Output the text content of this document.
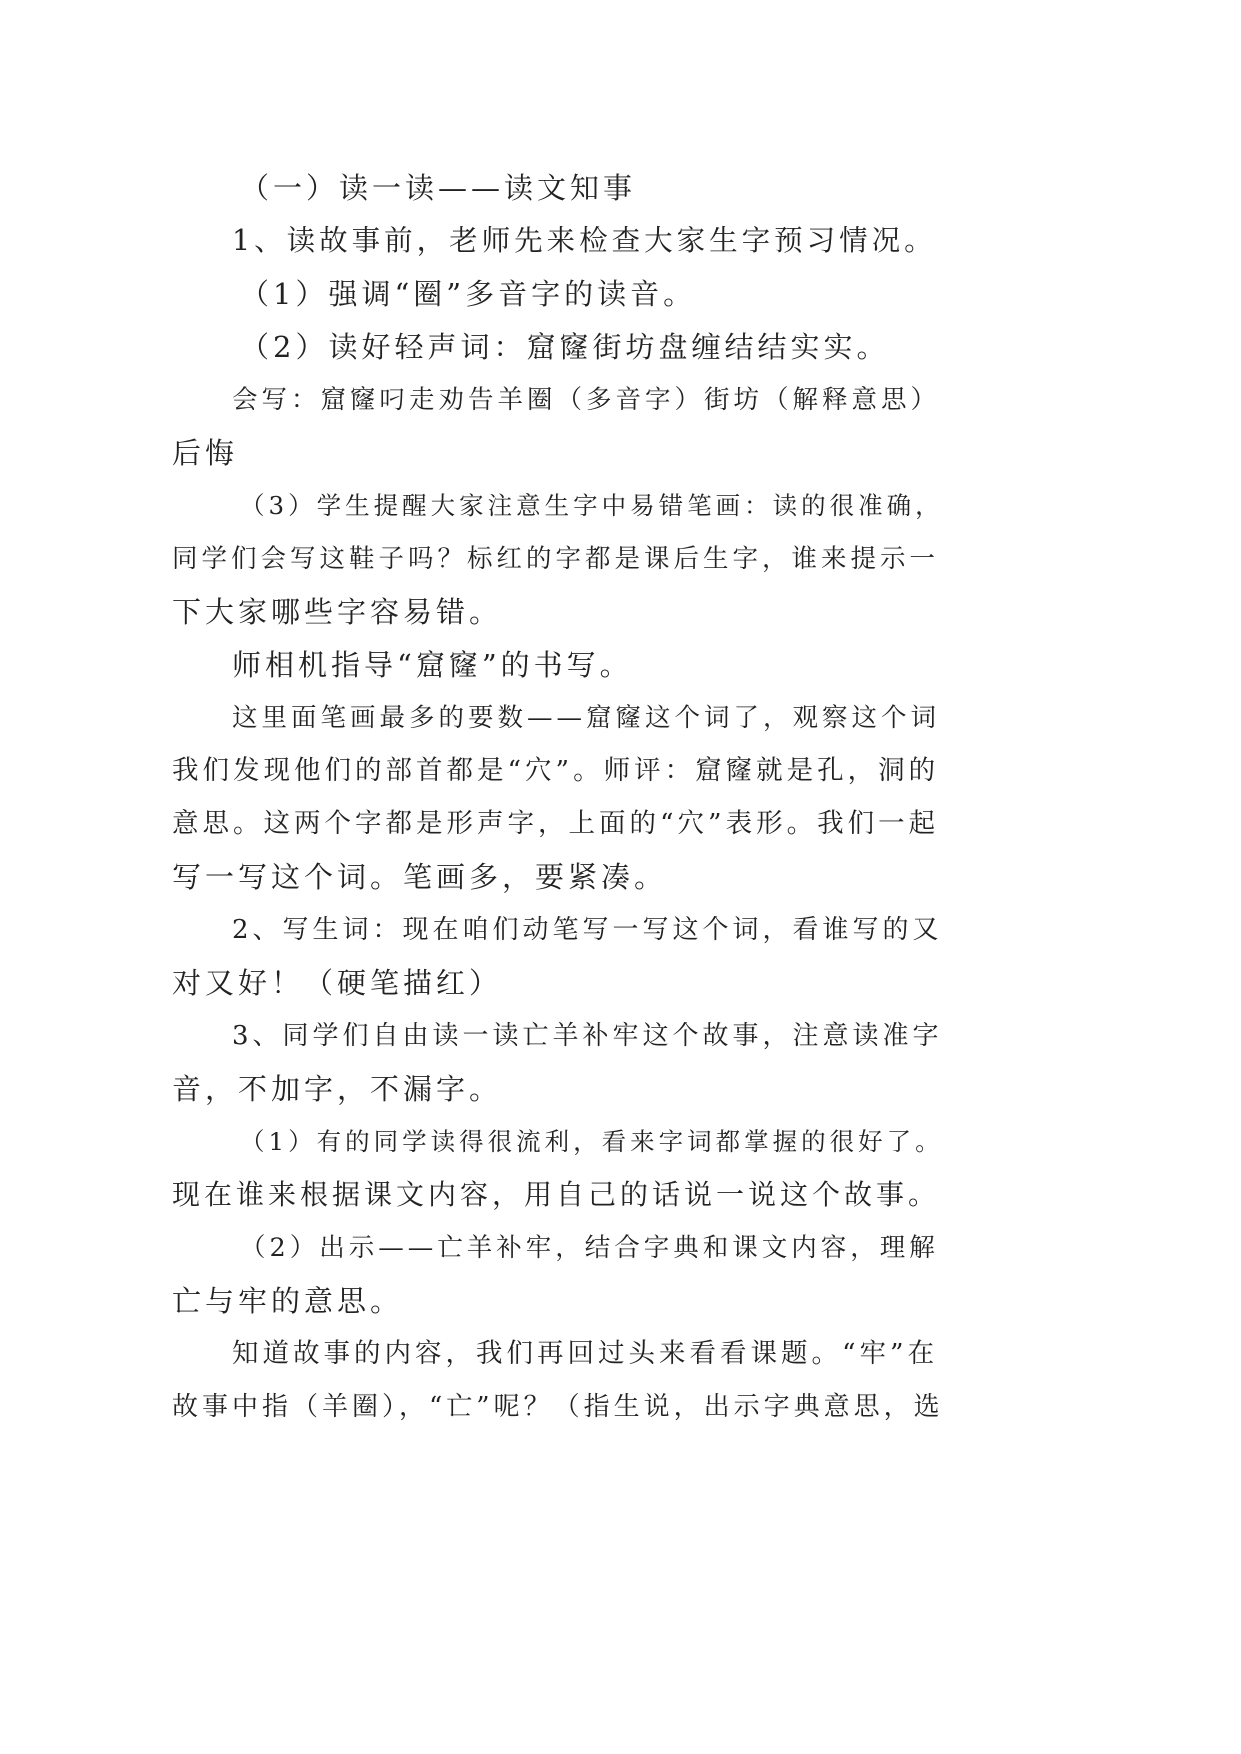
（一）读一读——读文知事
1、读故事前，老师先来检查大家生字预习情况。
（1）强调“圈”多音字的读音。
（2）读好轻声词：窟窿街坊盘缠结结实实。
会写：窟窿叼走劝告羊圈（多音字）街坊（解释意思）
后悔
（3）学生提醒大家注意生字中易错笔画：读的很准确，
同学们会写这鞋子吗？标红的字都是课后生字，谁来提示一
下大家哪些字容易错。
师相机指导“窟窿”的书写。
这里面笔画最多的要数——窟窿这个词了，观察这个词
我们发现他们的部首都是“穴”。师评：窟窿就是孔，洞的
意思。这两个字都是形声字，上面的“穴”表形。我们一起
写一写这个词。笔画多，要紧凑。
2、写生词：现在咱们动笔写一写这个词，看谁写的又
对又好！（硬笔描红）
3、同学们自由读一读亡羊补牢这个故事，注意读准字
音，不加字，不漏字。
（1）有的同学读得很流利，看来字词都掌握的很好了。
现在谁来根据课文内容，用自己的话说一说这个故事。
（2）出示——亡羊补牢，结合字典和课文内容，理解
亡与牢的意思。
知道故事的内容，我们再回过头来看看课题。“牢”在
故事中指（羊圈），“亡”呢？（指生说，出示字典意思，选
